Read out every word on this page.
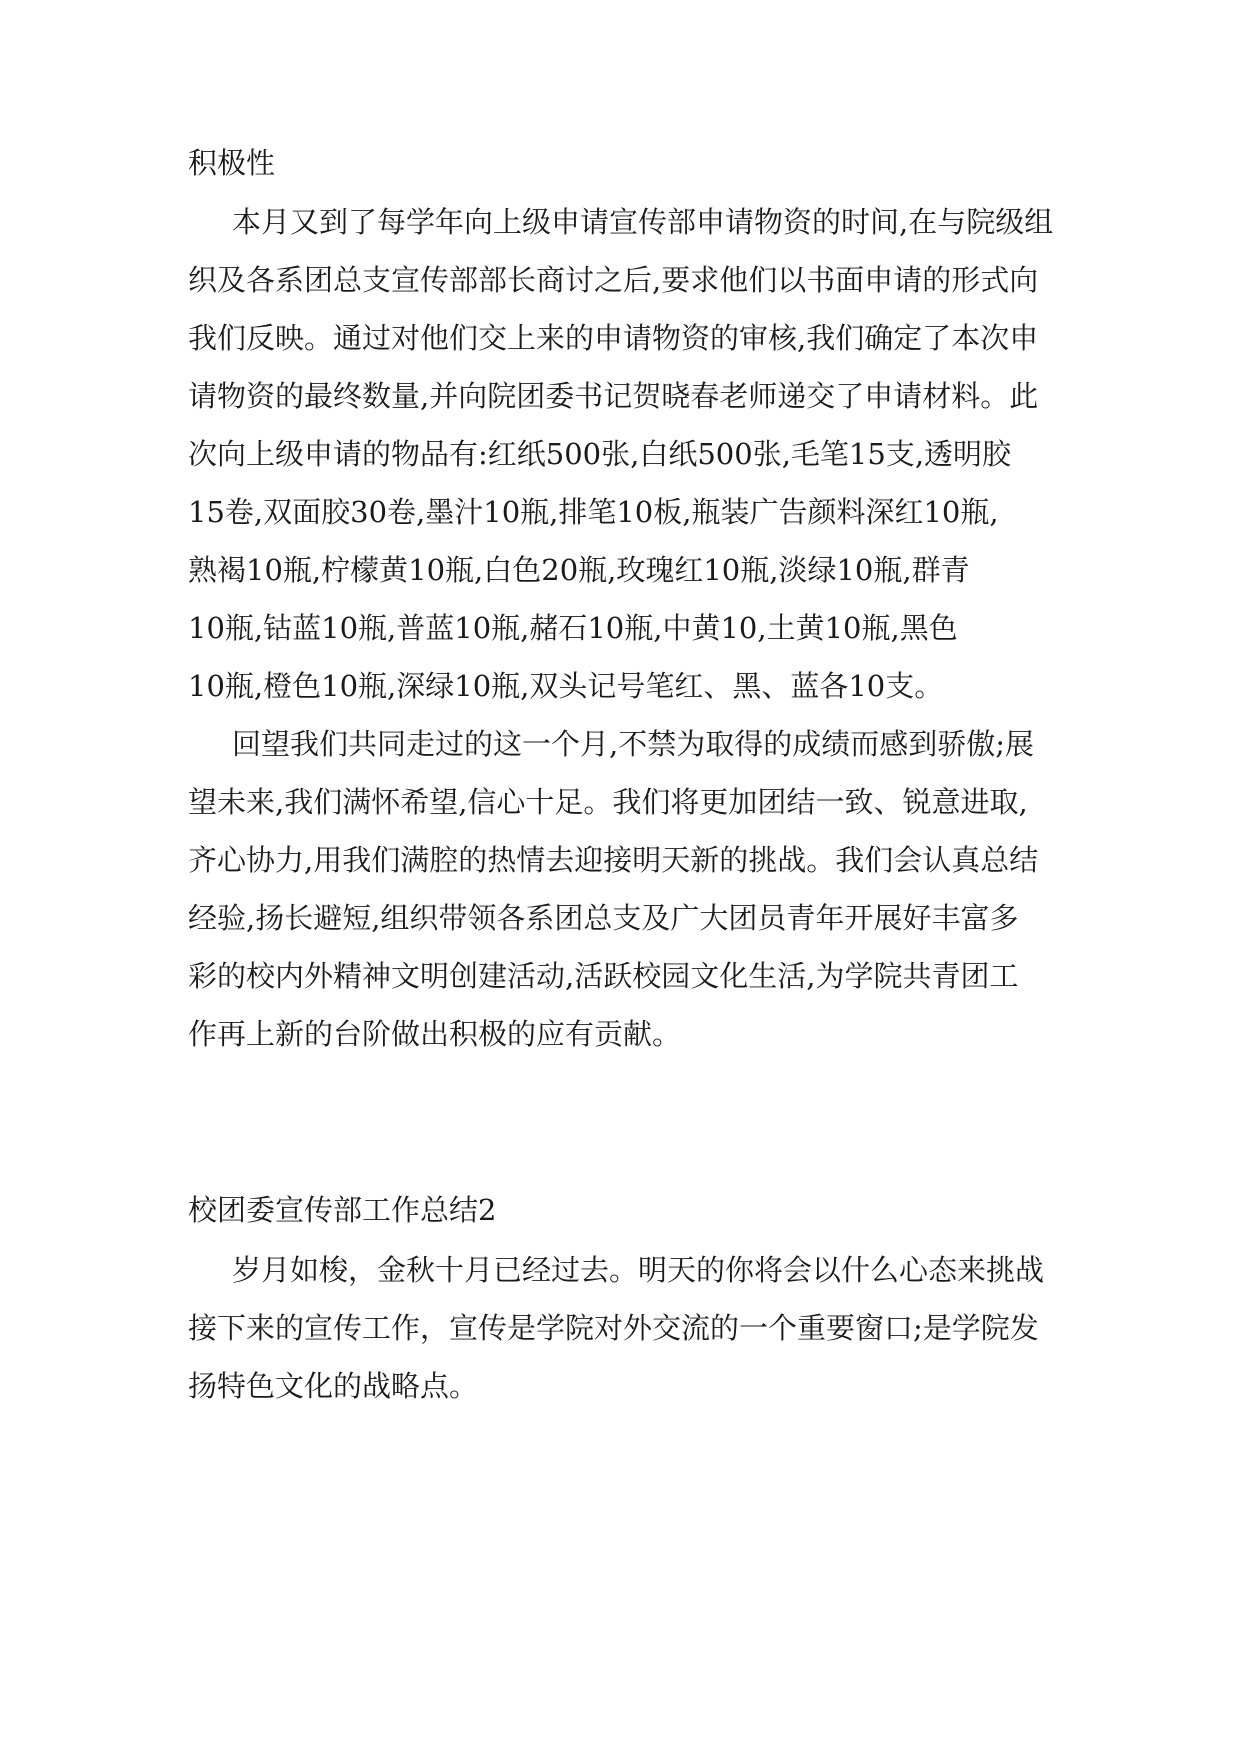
积极性
本月又到了每学年向上级申请宣传部申请物资的时间,在与院级组
织及各系团总支宣传部部长商讨之后,要求他们以书面申请的形式向
我们反映。通过对他们交上来的申请物资的审核,我们确定了本次申
请物资的最终数量,并向院团委书记贺晓春老师递交了申请材料。此
次向上级申请的物品有:红纸500张,白纸500张,毛笔15支,透明胶
15卷,双面胶30卷,墨汁10瓶,排笔10板,瓶装广告颜料深红10瓶,
熟褐10瓶,柠檬黄10瓶,白色20瓶,玫瑰红10瓶,淡绿10瓶,群青
10瓶,钴蓝10瓶,普蓝10瓶,赭石10瓶,中黄10,土黄10瓶,黑色
10瓶,橙色10瓶,深绿10瓶,双头记号笔红、黑、蓝各10支。
回望我们共同走过的这一个月,不禁为取得的成绩而感到骄傲;展
望未来,我们满怀希望,信心十足。我们将更加团结一致、锐意进取,
齐心协力,用我们满腔的热情去迎接明天新的挑战。我们会认真总结
经验,扬长避短,组织带领各系团总支及广大团员青年开展好丰富多
彩的校内外精神文明创建活动,活跃校园文化生活,为学院共青团工
作再上新的台阶做出积极的应有贡献。
校团委宣传部工作总结2
岁月如梭，金秋十月已经过去。明天的你将会以什么心态来挑战
接下来的宣传工作，宣传是学院对外交流的一个重要窗口;是学院发
扬特色文化的战略点。
